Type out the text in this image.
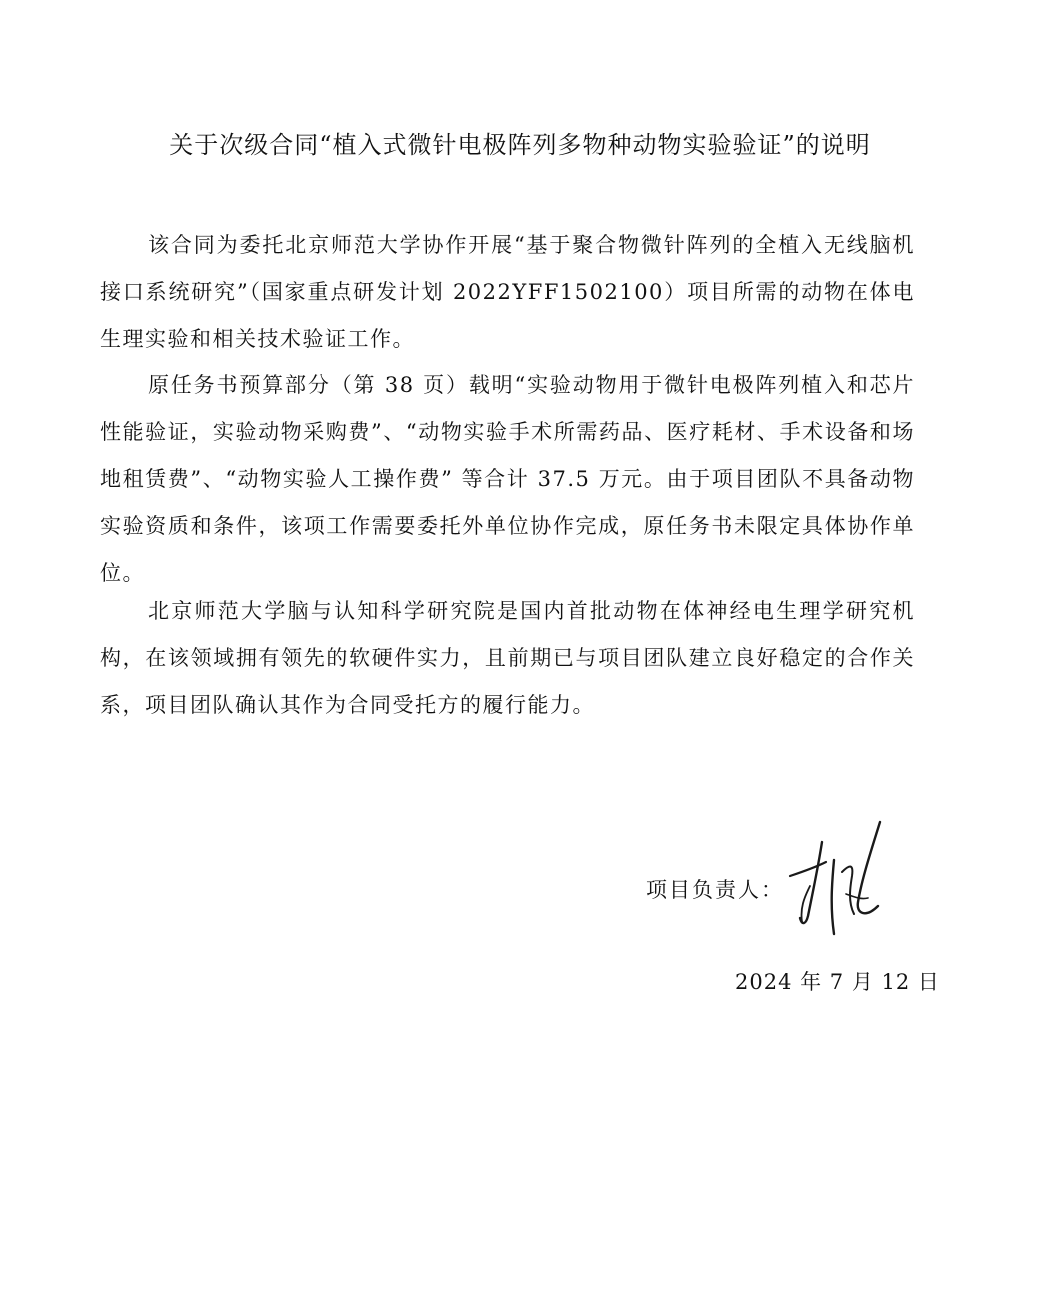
关于次级合同“植入式微针电极阵列多物种动物实验验证”的说明

该合同为委托北京师范大学协作开展“基于聚合物微针阵列的全植入无线脑机接口系统研究”（国家重点研发计划 2022YFF1502100）项目所需的动物在体电生理实验和相关技术验证工作。

原任务书预算部分（第 38 页）载明“实验动物用于微针电极阵列植入和芯片性能验证，实验动物采购费”、“动物实验手术所需药品、医疗耗材、手术设备和场地租赁费”、“动物实验人工操作费” 等合计 37.5 万元。由于项目团队不具备动物实验资质和条件，该项工作需要委托外单位协作完成，原任务书未限定具体协作单位。

北京师范大学脑与认知科学研究院是国内首批动物在体神经电生理学研究机构，在该领域拥有领先的软硬件实力，且前期已与项目团队建立良好稳定的合作关系，项目团队确认其作为合同受托方的履行能力。

项目负责人：
2024 年 7 月 12 日
